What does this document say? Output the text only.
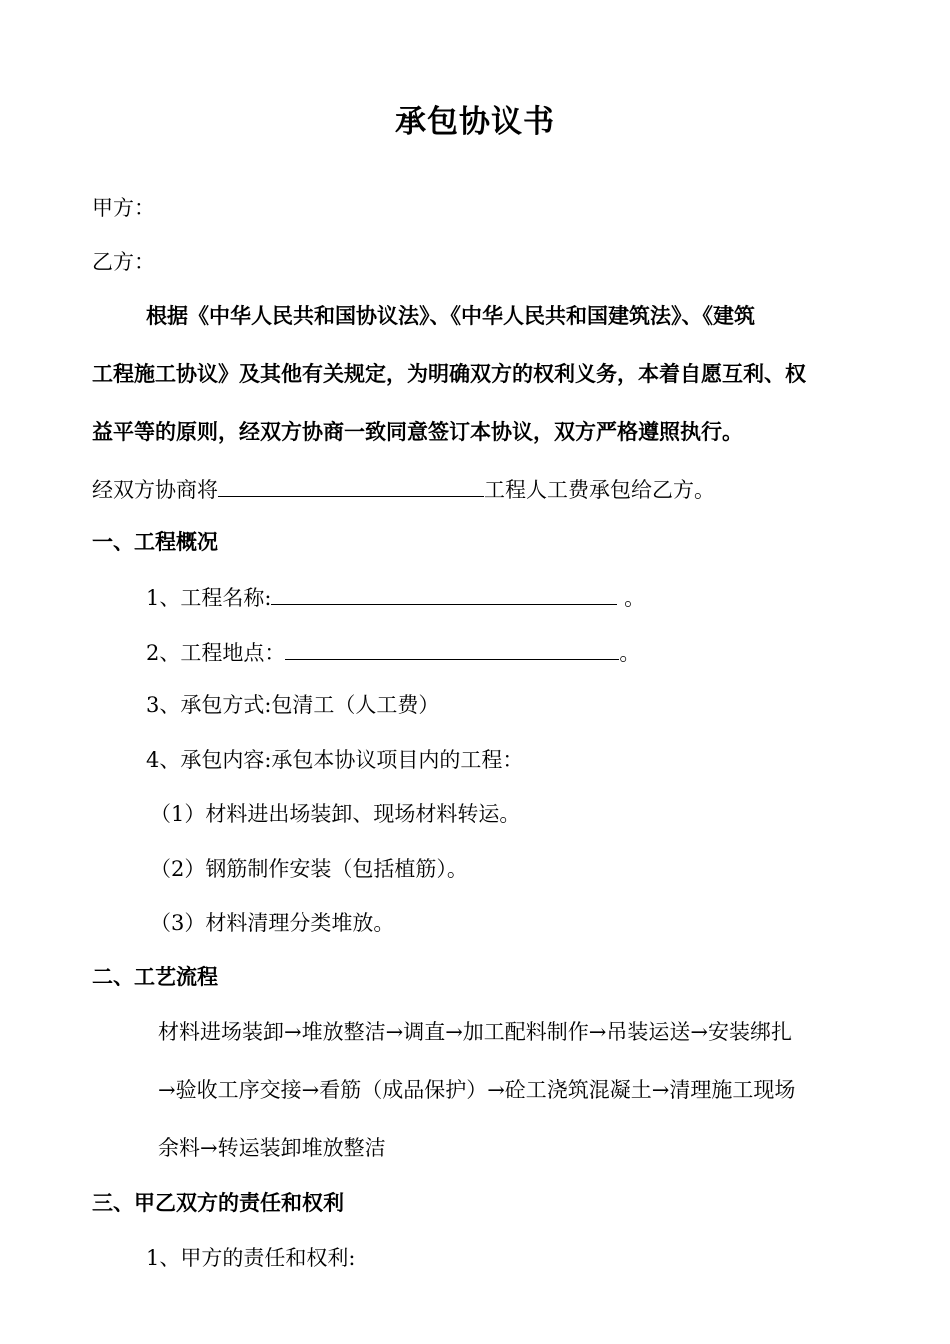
承包协议书
甲方：
乙方：
根据《中华人民共和国协议法》、《中华人民共和国建筑法》、《建筑
工程施工协议》及其他有关规定，为明确双方的权利义务，本着自愿互利、权
益平等的原则，经双方协商一致同意签订本协议，双方严格遵照执行。
经双方协商将	工程人工费承包给乙方。
一、工程概况
1、工程名称:	。
2、工程地点：	。
3、承包方式:包清工（人工费）
4、承包内容:承包本协议项目内的工程：
（1）材料进出场装卸、现场材料转运。
（2）钢筋制作安装（包括植筋）。
（3）材料清理分类堆放。
二、工艺流程
材料进场装卸→堆放整洁→调直→加工配料制作→吊装运送→安装绑扎
→验收工序交接→看筋（成品保护）→砼工浇筑混凝土→清理施工现场
余料→转运装卸堆放整洁
三、甲乙双方的责任和权利
1、甲方的责任和权利:
